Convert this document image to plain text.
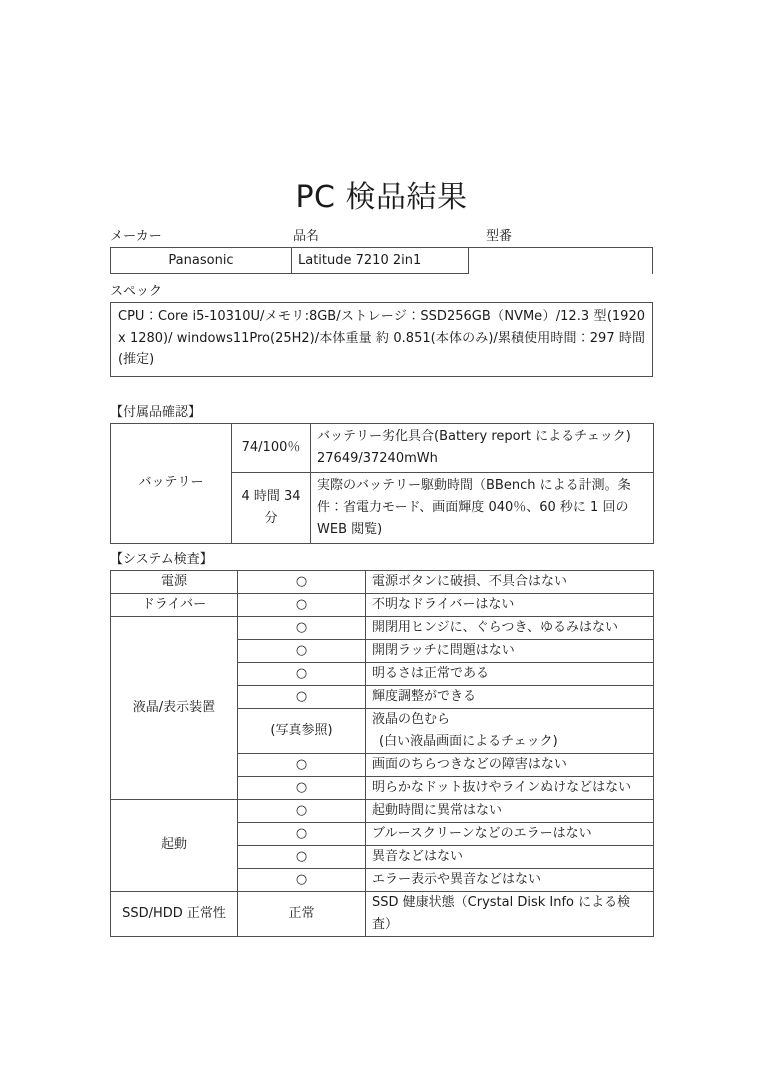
PC 検品結果
メーカー	品名	型番
Panasonic	Latitude 7210 2in1
スペック
CPU：Core i5-10310U/メモリ:8GB/ストレージ：SSD256GB（NVMe）/12.3 型(1920 x 1280)/ windows11Pro(25H2)/本体重量 約 0.851(本体のみ)/累積使用時間：297 時間　(推定)
【付属品確認】
バッテリー	74/100％	バッテリー劣化具合(Battery report によるチェック)
27649/37240mWh

	4 時間 34 分	実際のバッテリー駆動時間（BBench による計測。条件：省電力モード、画面輝度 040％、60 秒に 1 回の WEB 閲覧)
【システム検査】
電源	○	電源ボタンに破損、不具合はない
ドライバー	○	不明なドライバーはない
液晶/表示装置	○	開閉用ヒンジに、ぐらつき、ゆるみはない
	○	開閉ラッチに問題はない
	○	明るさは正常である
	○	輝度調整ができる
	(写真参照)	液晶の色むら
(白い液晶画面によるチェック)

	○	画面のちらつきなどの障害はない
	○	明らかなドット抜けやラインぬけなどはない
起動	○	起動時間に異常はない
	○	ブルースクリーンなどのエラーはない
	○	異音などはない
	○	エラー表示や異音などはない
SSD/HDD 正常性	正常	SSD 健康状態（Crystal Disk Info による検査）
